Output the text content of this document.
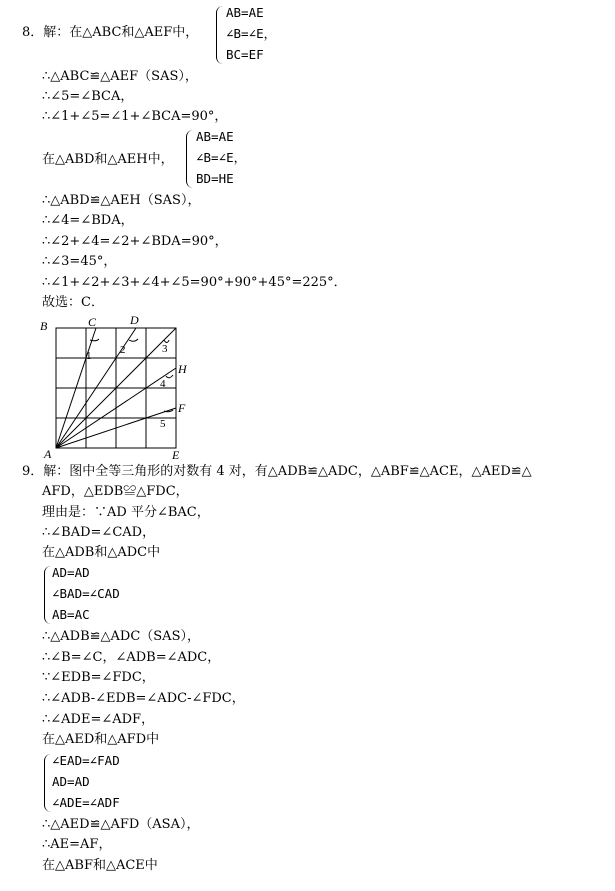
8．解：在△ABC和△AEF中，
AB=AE
∠B=∠E，
BC=EF
∴△ABC≌△AEF（SAS），
∴∠5=∠BCA，
∴∠1+∠5=∠1+∠BCA=90°，
在△ABD和△AEH中，
AB=AE
∠B=∠E，
BD=HE
∴△ABD≌△AEH（SAS），
∴∠4=∠BDA，
∴∠2+∠4=∠2+∠BDA=90°，
∴∠3=45°，
∴∠1+∠2+∠3+∠4+∠5=90°+90°+45°=225°．
故选：C．
B	C	D
H
F
A	E
1	2	3
4
5
9．解：图中全等三角形的对数有 4 对，有△ADB≌△ADC，△ABF≌△ACE，△AED≌△
AFD，△EDB≌△FDC，
理由是：∵AD 平分∠BAC，
∴∠BAD=∠CAD，
在△ADB和△ADC中
AD=AD
∠BAD=∠CAD
AB=AC
∴△ADB≌△ADC（SAS），
∴∠B=∠C，∠ADB=∠ADC，
∵∠EDB=∠FDC，
∴∠ADB-∠EDB=∠ADC-∠FDC，
∴∠ADE=∠ADF，
在△AED和△AFD中
∠EAD=∠FAD
AD=AD
∠ADE=∠ADF
∴△AED≌△AFD（ASA），
∴AE=AF，
在△ABF和△ACE中
